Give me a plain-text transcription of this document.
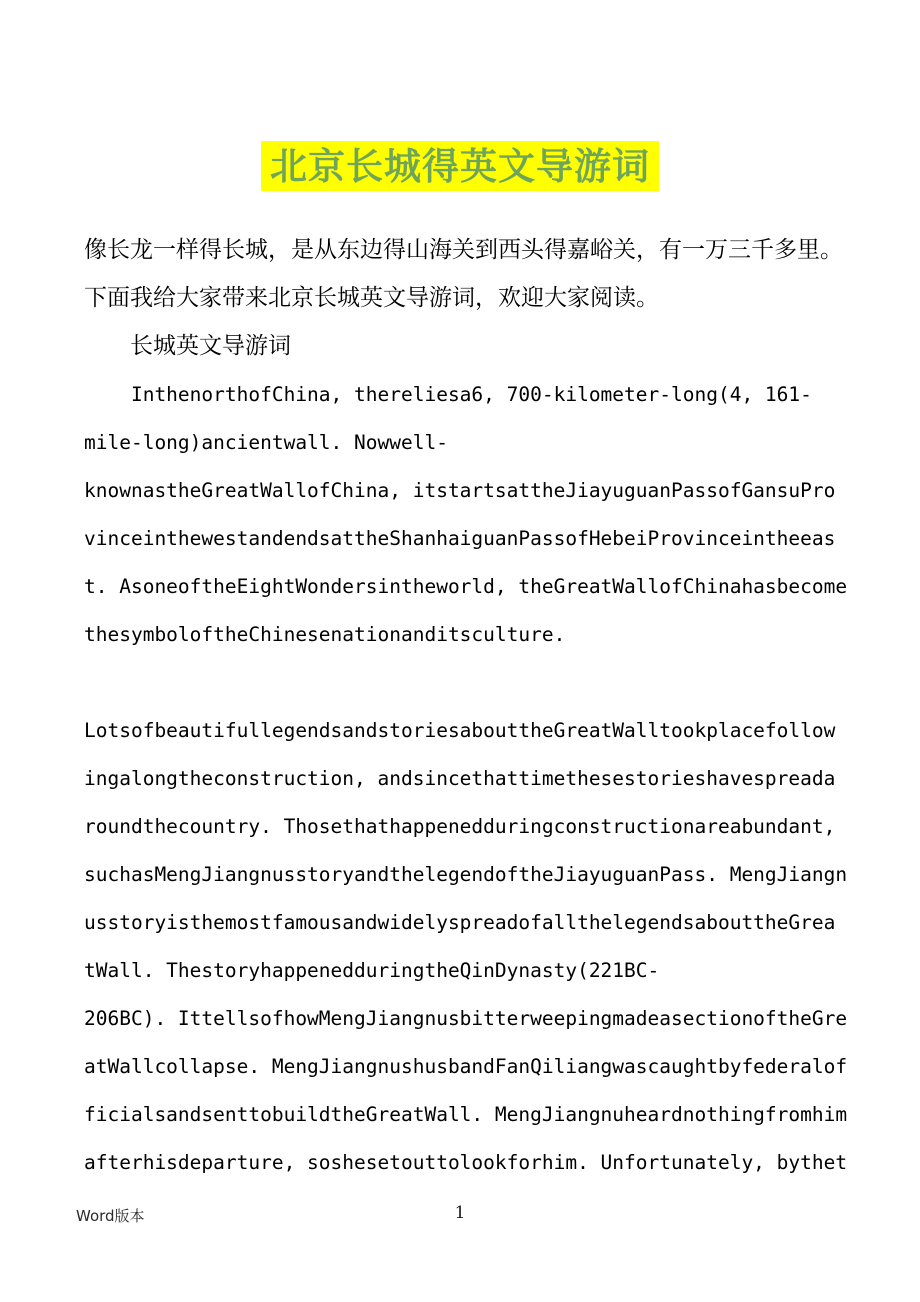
北京长城得英文导游词
像长龙一样得长城，是从东边得山海关到西头得嘉峪关，有一万三千多里。
下面我给大家带来北京长城英文导游词，欢迎大家阅读。
长城英文导游词
InthenorthofChina, thereliesa6, 700-kilometer-long(4, 161-
mile-long)ancientwall. Nowwell-
knownastheGreatWallofChina, itstartsattheJiayuguanPassofGansuPro
vinceinthewestandendsattheShanhaiguanPassofHebeiProvinceintheeas
t. AsoneoftheEightWondersintheworld, theGreatWallofChinahasbecome
thesymboloftheChinesenationanditsculture.
LotsofbeautifullegendsandstoriesabouttheGreatWalltookplacefollow
ingalongtheconstruction, andsincethattimethesestorieshavespreada
roundthecountry. Thosethathappenedduringconstructionareabundant,
suchasMengJiangnusstoryandthelegendoftheJiayuguanPass. MengJiangn
usstoryisthemostfamousandwidelyspreadofallthelegendsabouttheGrea
tWall. ThestoryhappenedduringtheQinDynasty(221BC-
206BC). IttellsofhowMengJiangnusbitterweepingmadeasectionoftheGre
atWallcollapse. MengJiangnushusbandFanQiliangwascaughtbyfederalof
ficialsandsenttobuildtheGreatWall. MengJiangnuheardnothingfromhim
afterhisdeparture, soshesetouttolookforhim. Unfortunately, bythet
Word版本	1
